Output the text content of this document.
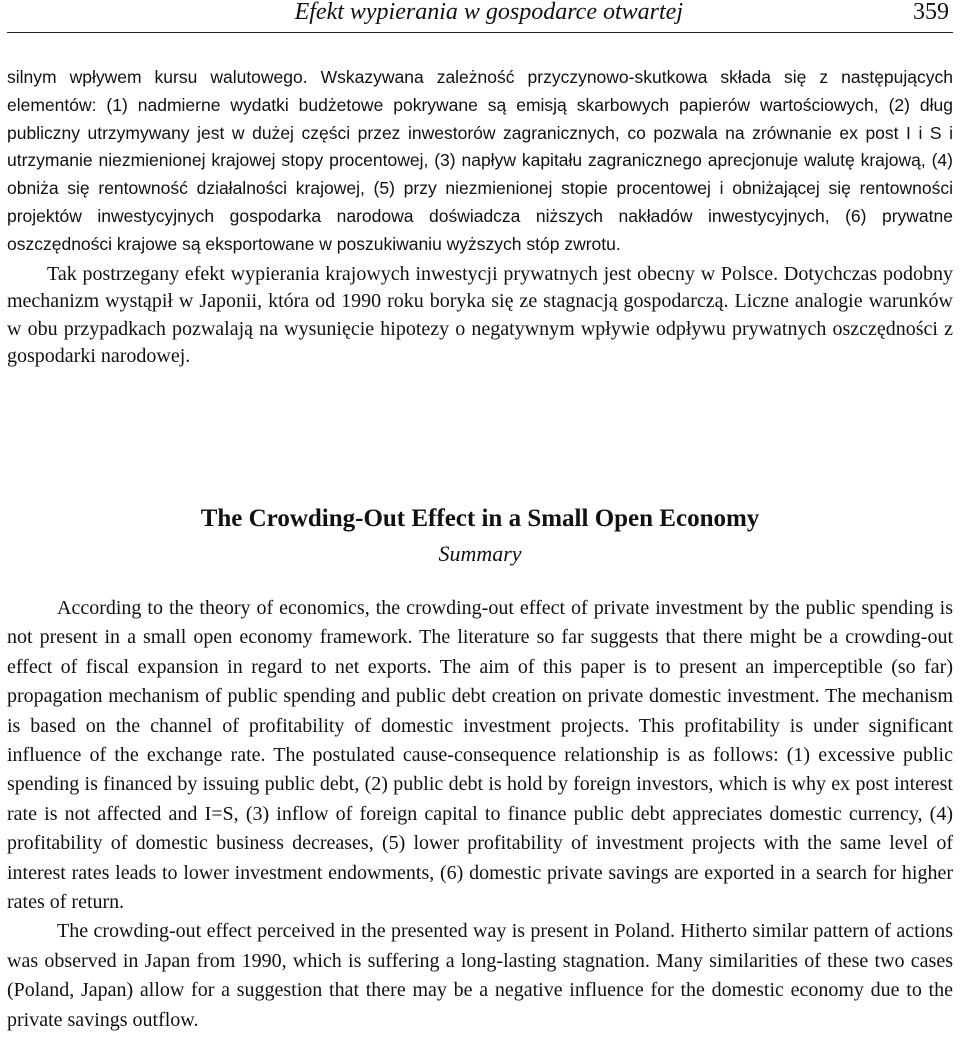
Efekt wypierania w gospodarce otwartej	359

silnym wpływem kursu walutowego. Wskazywana zależność przyczynowo-skutkowa składa się z następujących elementów: (1) nadmierne wydatki budżetowe pokrywane są emisją skarbowych papierów wartościowych, (2) dług publiczny utrzymywany jest w dużej części przez inwestorów zagranicznych, co pozwala na zrównanie ex post I i S i utrzymanie niezmienionej krajowej stopy procentowej, (3) napływ kapitału zagranicznego aprecjonuje walutę krajową, (4) obniża się rentowność działalności krajowej, (5) przy niezmienionej stopie procentowej i obniżającej się rentowności projektów inwestycyjnych gospodarka narodowa doświadcza niższych nakładów inwestycyjnych, (6) prywatne oszczędności krajowe są eksportowane w poszukiwaniu wyższych stóp zwrotu.

Tak postrzegany efekt wypierania krajowych inwestycji prywatnych jest obecny w Polsce. Dotychczas podobny mechanizm wystąpił w Japonii, która od 1990 roku boryka się ze stagnacją gospodarczą. Liczne analogie warunków w obu przypadkach pozwalają na wysunięcie hipotezy o negatywnym wpływie odpływu prywatnych oszczędności z gospodarki narodowej.

The Crowding-Out Effect in a Small Open Economy
Summary

According to the theory of economics, the crowding-out effect of private investment by the public spending is not present in a small open economy framework. The literature so far suggests that there might be a crowding-out effect of fiscal expansion in regard to net exports. The aim of this paper is to present an imperceptible (so far) propagation mechanism of public spending and public debt creation on private domestic investment. The mechanism is based on the channel of profitability of domestic investment projects. This profitability is under significant influence of the exchange rate. The postulated cause-consequence relationship is as follows: (1) excessive public spending is financed by issuing public debt, (2) public debt is hold by foreign investors, which is why ex post interest rate is not affected and I=S, (3) inflow of foreign capital to finance public debt appreciates domestic currency, (4) profitability of domestic business decreases, (5) lower profitability of investment projects with the same level of interest rates leads to lower investment endowments, (6) domestic private savings are exported in a search for higher rates of return.

The crowding-out effect perceived in the presented way is present in Poland. Hitherto similar pattern of actions was observed in Japan from 1990, which is suffering a long-lasting stagnation. Many similarities of these two cases (Poland, Japan) allow for a suggestion that there may be a negative influence for the domestic economy due to the private savings outflow.
